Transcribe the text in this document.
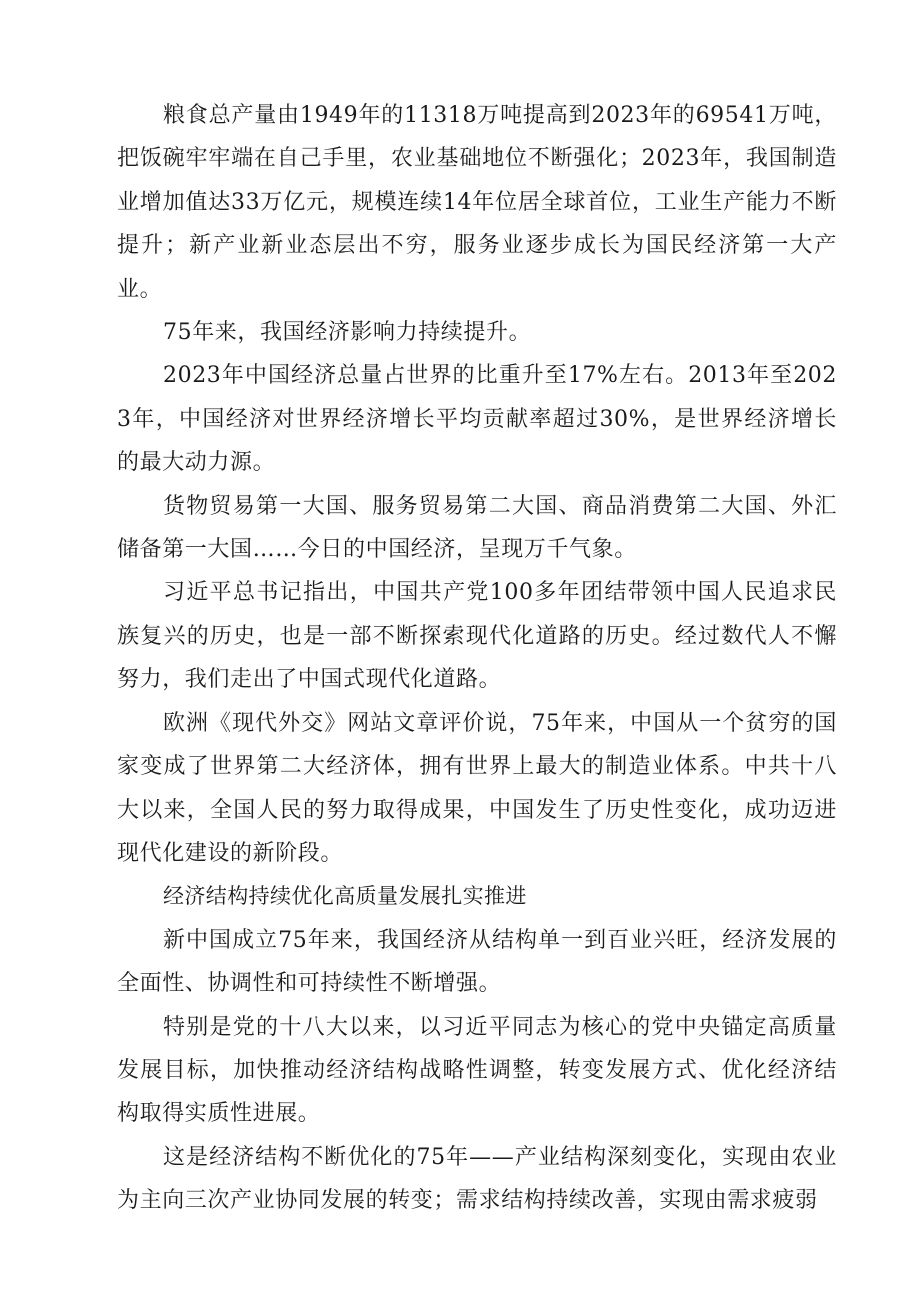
粮食总产量由1949年的11318万吨提高到2023年的69541万吨，把饭碗牢牢端在自己手里，农业基础地位不断强化；2023年，我国制造业增加值达33万亿元，规模连续14年位居全球首位，工业生产能力不断提升；新产业新业态层出不穷，服务业逐步成长为国民经济第一大产业。

75年来，我国经济影响力持续提升。

2023年中国经济总量占世界的比重升至17%左右。2013年至2023年，中国经济对世界经济增长平均贡献率超过30%，是世界经济增长的最大动力源。

货物贸易第一大国、服务贸易第二大国、商品消费第二大国、外汇储备第一大国……今日的中国经济，呈现万千气象。

习近平总书记指出，中国共产党100多年团结带领中国人民追求民族复兴的历史，也是一部不断探索现代化道路的历史。经过数代人不懈努力，我们走出了中国式现代化道路。

欧洲《现代外交》网站文章评价说，75年来，中国从一个贫穷的国家变成了世界第二大经济体，拥有世界上最大的制造业体系。中共十八大以来，全国人民的努力取得成果，中国发生了历史性变化，成功迈进现代化建设的新阶段。

经济结构持续优化高质量发展扎实推进

新中国成立75年来，我国经济从结构单一到百业兴旺，经济发展的全面性、协调性和可持续性不断增强。

特别是党的十八大以来，以习近平同志为核心的党中央锚定高质量发展目标，加快推动经济结构战略性调整，转变发展方式、优化经济结构取得实质性进展。

这是经济结构不断优化的75年——产业结构深刻变化，实现由农业为主向三次产业协同发展的转变；需求结构持续改善，实现由需求疲弱
